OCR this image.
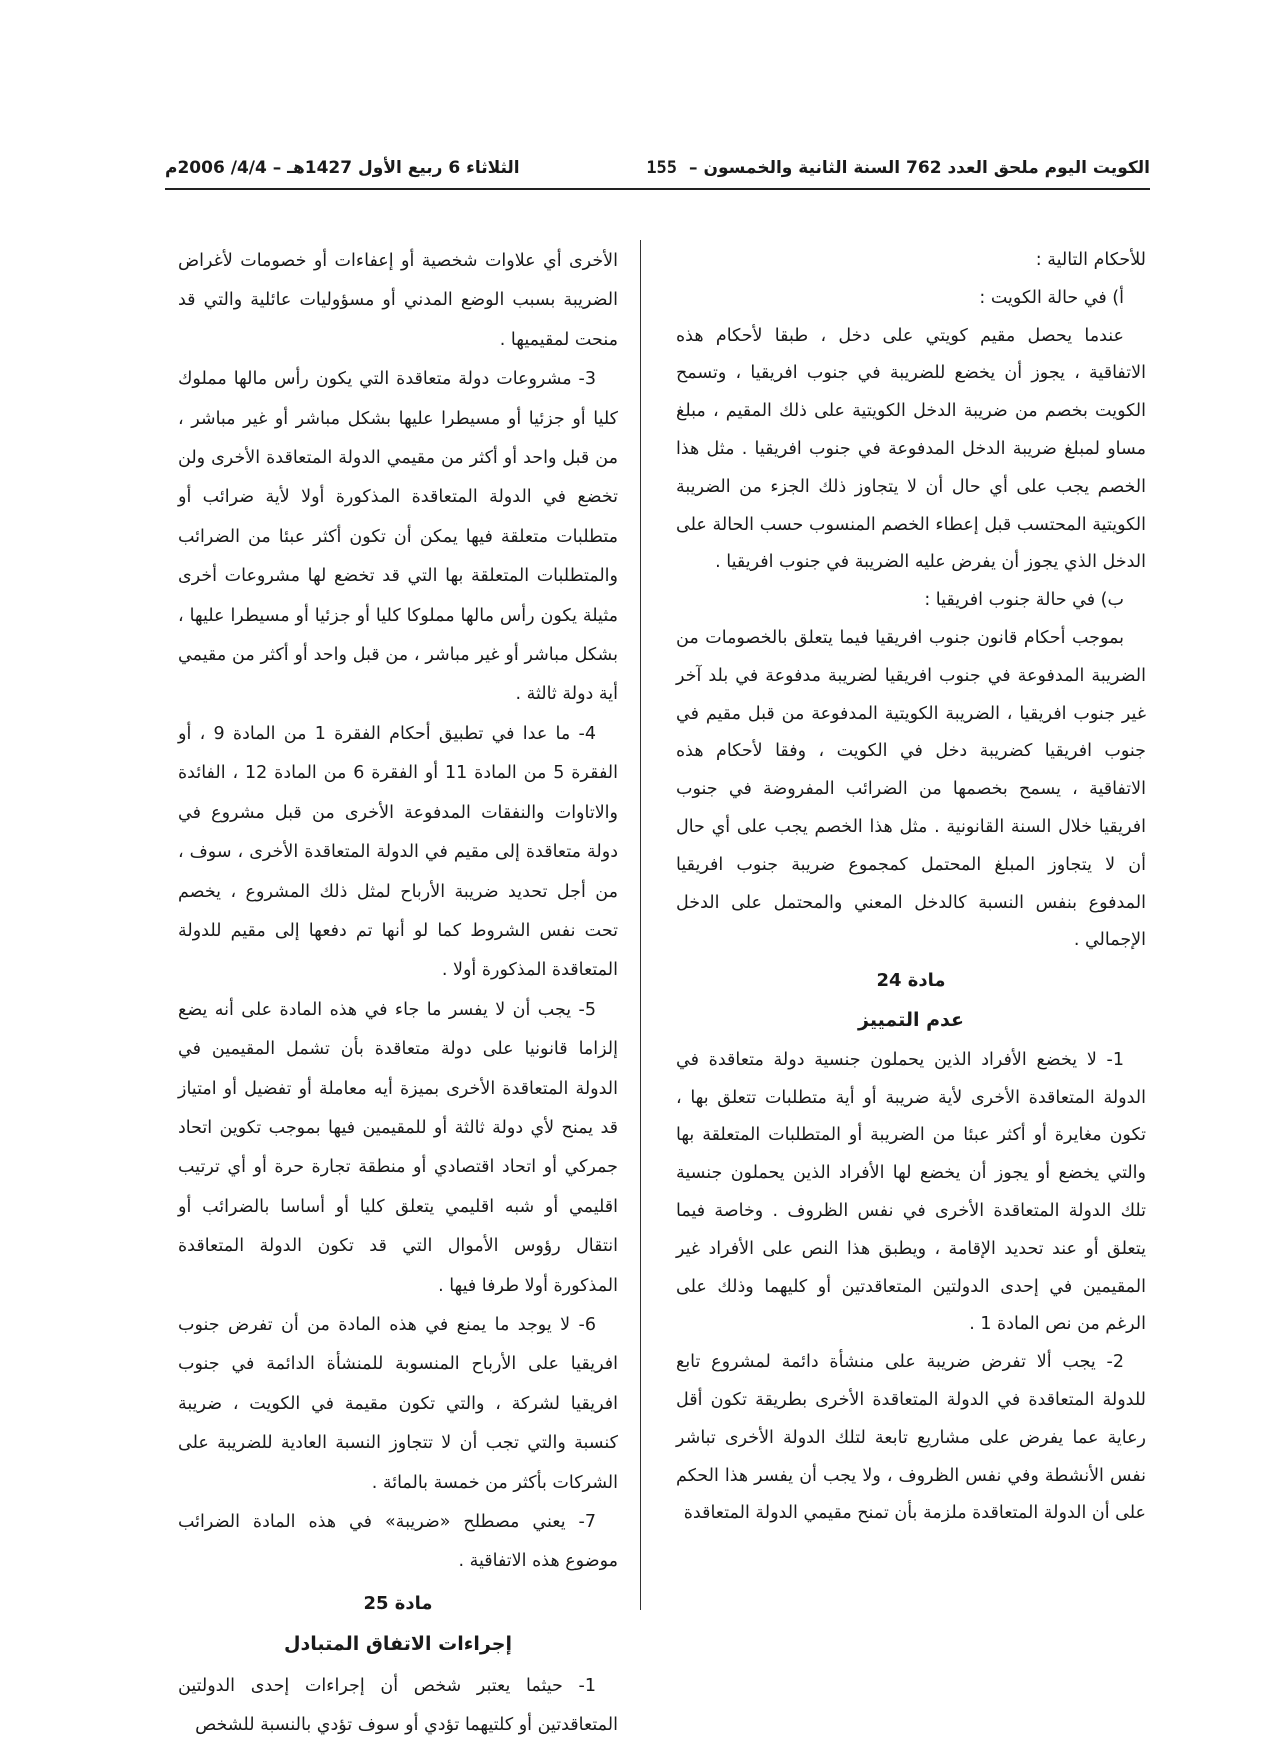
الكويت اليوم ملحق العدد 762 السنة الثانية والخمسون –
155
الثلاثاء 6 ربيع الأول 1427هـ – 4/4/ 2006م

للأحكام التالية :

أ) في حالة الكويت :

عندما يحصل مقيم كويتي على دخل ، طبقا لأحكام هذه الاتفاقية ، يجوز أن يخضع للضريبة في جنوب افريقيا ، وتسمح الكويت بخصم من ضريبة الدخل الكويتية على ذلك المقيم ، مبلغ مساو لمبلغ ضريبة الدخل المدفوعة في جنوب افريقيا . مثل هذا الخصم يجب على أي حال أن لا يتجاوز ذلك الجزء من الضريبة الكويتية المحتسب قبل إعطاء الخصم المنسوب حسب الحالة على الدخل الذي يجوز أن يفرض عليه الضريبة في جنوب افريقيا .

ب) في حالة جنوب افريقيا :

بموجب أحكام قانون جنوب افريقيا فيما يتعلق بالخصومات من الضريبة المدفوعة في جنوب افريقيا لضريبة مدفوعة في بلد آخر غير جنوب افريقيا ، الضريبة الكويتية المدفوعة من قبل مقيم في جنوب افريقيا كضريبة دخل في الكويت ، وفقا لأحكام هذه الاتفاقية ، يسمح بخصمها من الضرائب المفروضة في جنوب افريقيا خلال السنة القانونية . مثل هذا الخصم يجب على أي حال أن لا يتجاوز المبلغ المحتمل كمجموع ضريبة جنوب افريقيا المدفوع بنفس النسبة كالدخل المعني والمحتمل على الدخل الإجمالي .

مادة 24

عدم التمييز

1- لا يخضع الأفراد الذين يحملون جنسية دولة متعاقدة في الدولة المتعاقدة الأخرى لأية ضريبة أو أية متطلبات تتعلق بها ، تكون مغايرة أو أكثر عبئا من الضريبة أو المتطلبات المتعلقة بها والتي يخضع أو يجوز أن يخضع لها الأفراد الذين يحملون جنسية تلك الدولة المتعاقدة الأخرى في نفس الظروف . وخاصة فيما يتعلق أو عند تحديد الإقامة ، ويطبق هذا النص على الأفراد غير المقيمين في إحدى الدولتين المتعاقدتين أو كليهما وذلك على الرغم من نص المادة 1 .

2- يجب ألا تفرض ضريبة على منشأة دائمة لمشروع تابع للدولة المتعاقدة في الدولة المتعاقدة الأخرى بطريقة تكون أقل رعاية عما يفرض على مشاريع تابعة لتلك الدولة الأخرى تباشر نفس الأنشطة وفي نفس الظروف ، ولا يجب أن يفسر هذا الحكم على أن الدولة المتعاقدة ملزمة بأن تمنح مقيمي الدولة المتعاقدة

الأخرى أي علاوات شخصية أو إعفاءات أو خصومات لأغراض الضريبة بسبب الوضع المدني أو مسؤوليات عائلية والتي قد منحت لمقيميها .

3- مشروعات دولة متعاقدة التي يكون رأس مالها مملوك كليا أو جزئيا أو مسيطرا عليها بشكل مباشر أو غير مباشر ، من قبل واحد أو أكثر من مقيمي الدولة المتعاقدة الأخرى ولن تخضع في الدولة المتعاقدة المذكورة أولا لأية ضرائب أو متطلبات متعلقة فيها يمكن أن تكون أكثر عبئا من الضرائب والمتطلبات المتعلقة بها التي قد تخضع لها مشروعات أخرى مثيلة يكون رأس مالها مملوكا كليا أو جزئيا أو مسيطرا عليها ، بشكل مباشر أو غير مباشر ، من قبل واحد أو أكثر من مقيمي أية دولة ثالثة .

4- ما عدا في تطبيق أحكام الفقرة 1 من المادة 9 ، أو الفقرة 5 من المادة 11 أو الفقرة 6 من المادة 12 ، الفائدة والاتاوات والنفقات المدفوعة الأخرى من قبل مشروع في دولة متعاقدة إلى مقيم في الدولة المتعاقدة الأخرى ، سوف ، من أجل تحديد ضريبة الأرباح لمثل ذلك المشروع ، يخصم تحت نفس الشروط كما لو أنها تم دفعها إلى مقيم للدولة المتعاقدة المذكورة أولا .

5- يجب أن لا يفسر ما جاء في هذه المادة على أنه يضع إلزاما قانونيا على دولة متعاقدة بأن تشمل المقيمين في الدولة المتعاقدة الأخرى بميزة أيه معاملة أو تفضيل أو امتياز قد يمنح لأي دولة ثالثة أو للمقيمين فيها بموجب تكوين اتحاد جمركي أو اتحاد اقتصادي أو منطقة تجارة حرة أو أي ترتيب اقليمي أو شبه اقليمي يتعلق كليا أو أساسا بالضرائب أو انتقال رؤوس الأموال التي قد تكون الدولة المتعاقدة المذكورة أولا طرفا فيها .

6- لا يوجد ما يمنع في هذه المادة من أن تفرض جنوب افريقيا على الأرباح المنسوبة للمنشأة الدائمة في جنوب افريقيا لشركة ، والتي تكون مقيمة في الكويت ، ضريبة كنسبة والتي تجب أن لا تتجاوز النسبة العادية للضريبة على الشركات بأكثر من خمسة بالمائة .

7- يعني مصطلح «ضريبة» في هذه المادة الضرائب موضوع هذه الاتفاقية .

مادة 25

إجراءات الاتفاق المتبادل

1- حيثما يعتبر شخص أن إجراءات إحدى الدولتين المتعاقدتين أو كلتيهما تؤدي أو سوف تؤدي بالنسبة للشخص
